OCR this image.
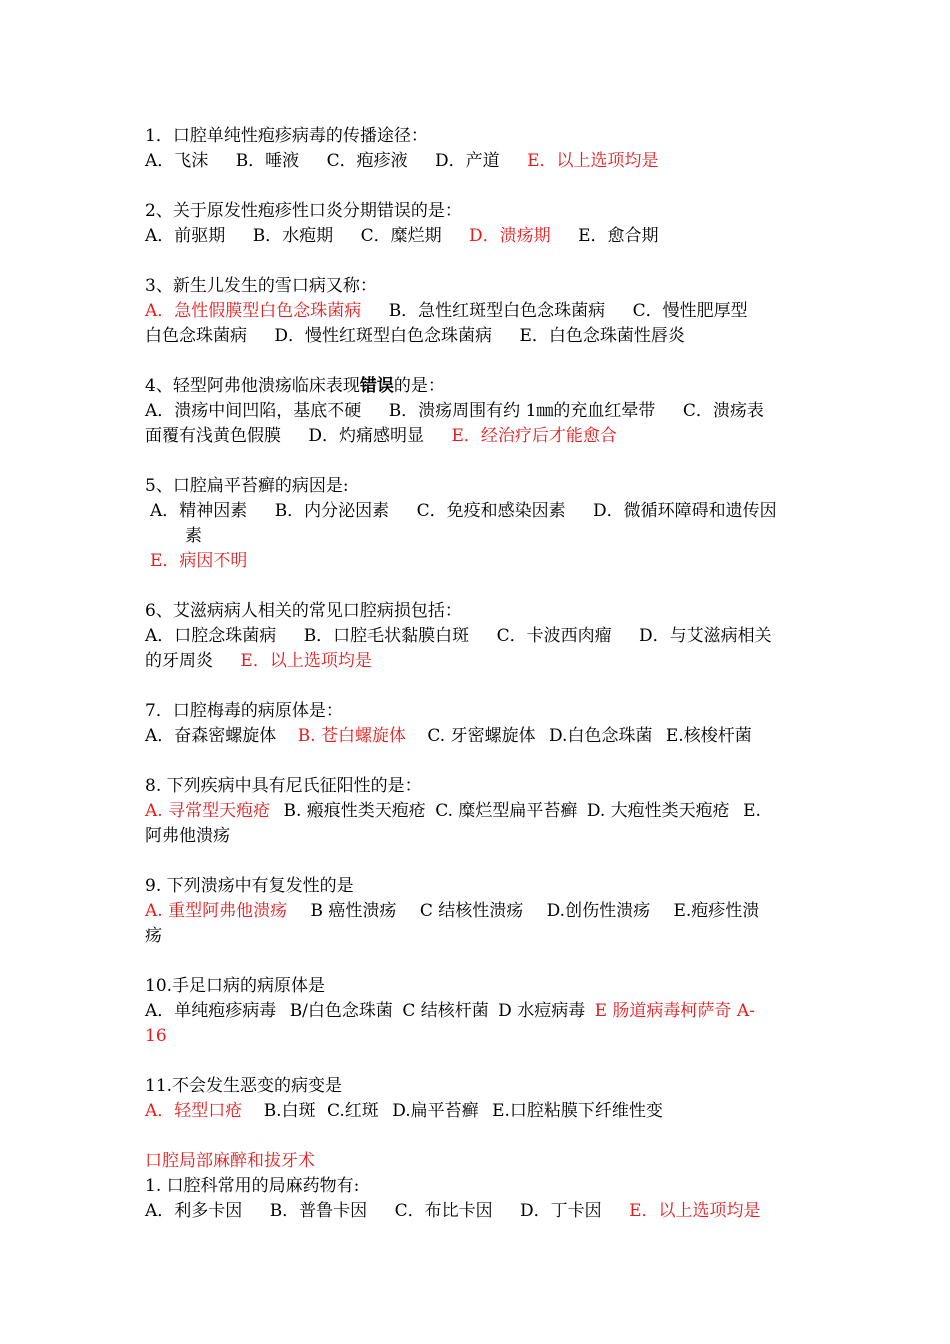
1．口腔单纯性疱疹病毒的传播途径：
A．飞沫 B．唾液 C．疱疹液 D．产道 E．以上选项均是
2、关于原发性疱疹性口炎分期错误的是：
A．前驱期 B．水疱期 C．糜烂期 D．溃疡期 E．愈合期
3、新生儿发生的雪口病又称：
A．急性假膜型白色念珠菌病 B．急性红斑型白色念珠菌病 C．慢性肥厚型
白色念珠菌病 D．慢性红斑型白色念珠菌病 E．白色念珠菌性唇炎
4、轻型阿弗他溃疡临床表现错误的是：
A．溃疡中间凹陷，基底不硬 B．溃疡周围有约 1㎜的充血红晕带 C．溃疡表
面覆有浅黄色假膜 D．灼痛感明显 E．经治疗后才能愈合
5、口腔扁平苔癣的病因是:
A．精神因素 B．内分泌因素 C．免疫和感染因素 D．微循环障碍和遗传因
素
E．病因不明
6、艾滋病病人相关的常见口腔病损包括：
A．口腔念珠菌病 B．口腔毛状黏膜白斑 C．卡波西肉瘤 D．与艾滋病相关
的牙周炎 E．以上选项均是
7．口腔梅毒的病原体是：
A．奋森密螺旋体 B. 苍白螺旋体 C. 牙密螺旋体 D.白色念珠菌 E.核梭杆菌
8. 下列疾病中具有尼氏征阳性的是：
A. 寻常型天疱疮 B. 瘢痕性类天疱疮 C. 糜烂型扁平苔癣 D. 大疱性类天疱疮 E.
阿弗他溃疡
9. 下列溃疡中有复发性的是
A. 重型阿弗他溃疡 B 癌性溃疡 C 结核性溃疡 D.创伤性溃疡 E.疱疹性溃
疡
10.手足口病的病原体是
A．单纯疱疹病毒 B/白色念珠菌 C 结核杆菌 D 水痘病毒 E 肠道病毒柯萨奇 A-
16
11.不会发生恶变的病变是
A．轻型口疮 B.白斑 C.红斑 D.扁平苔癣 E.口腔粘膜下纤维性变
口腔局部麻醉和拔牙术
1. 口腔科常用的局麻药物有:
A．利多卡因 B．普鲁卡因 C．布比卡因 D．丁卡因 E．以上选项均是
